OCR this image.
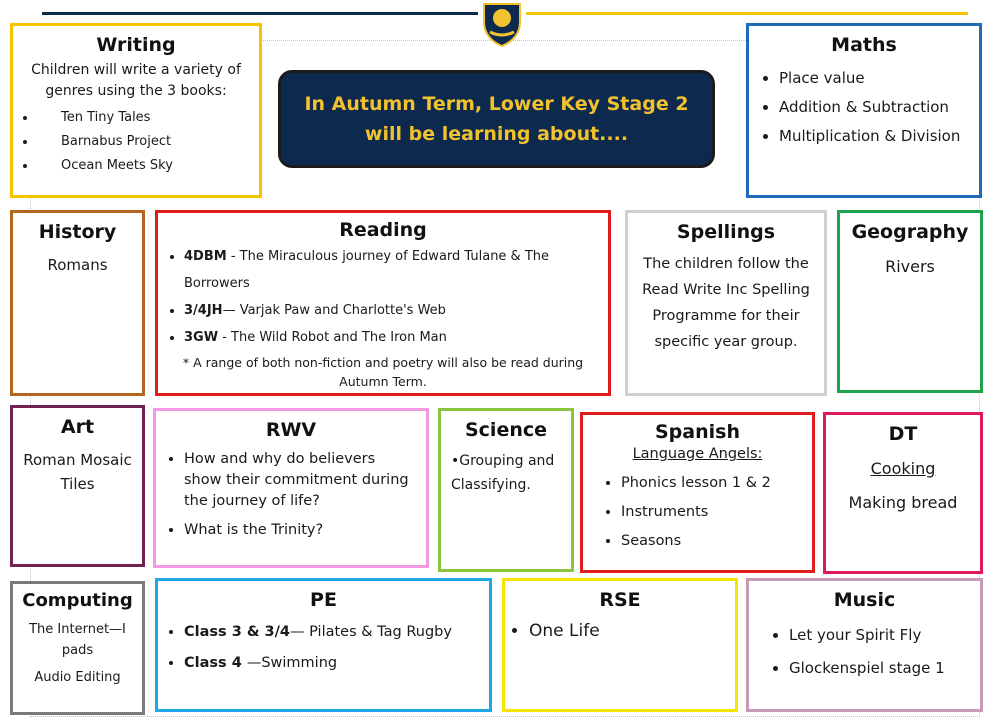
In Autumn Term, Lower Key Stage 2 will be learning about....
Writing
Children will write a variety of genres using the 3 books:
• Ten Tiny Tales
• Barnabus Project
• Ocean Meets Sky
Maths
• Place value
• Addition & Subtraction
• Multiplication & Division
History
Romans
Reading
• 4DBM - The Miraculous journey of Edward Tulane & The Borrowers
• 3/4JH— Varjak Paw and Charlotte's Web
• 3GW - The Wild Robot and The Iron Man
* A range of both non-fiction and poetry will also be read during Autumn Term.
Spellings
The children follow the Read Write Inc Spelling Programme for their specific year group.
Geography
Rivers
Art
Roman Mosaic Tiles
RWV
• How and why do believers show their commitment during the journey of life?
• What is the Trinity?
Science
•Grouping and Classifying.
Spanish
Language Angels:
• Phonics lesson 1 & 2
• Instruments
• Seasons
DT
Cooking
Making bread
Computing
The Internet—I pads
Audio Editing
PE
• Class 3 & 3/4— Pilates & Tag Rugby
• Class 4 —Swimming
RSE
• One Life
Music
• Let your Spirit Fly
• Glockenspiel stage 1
